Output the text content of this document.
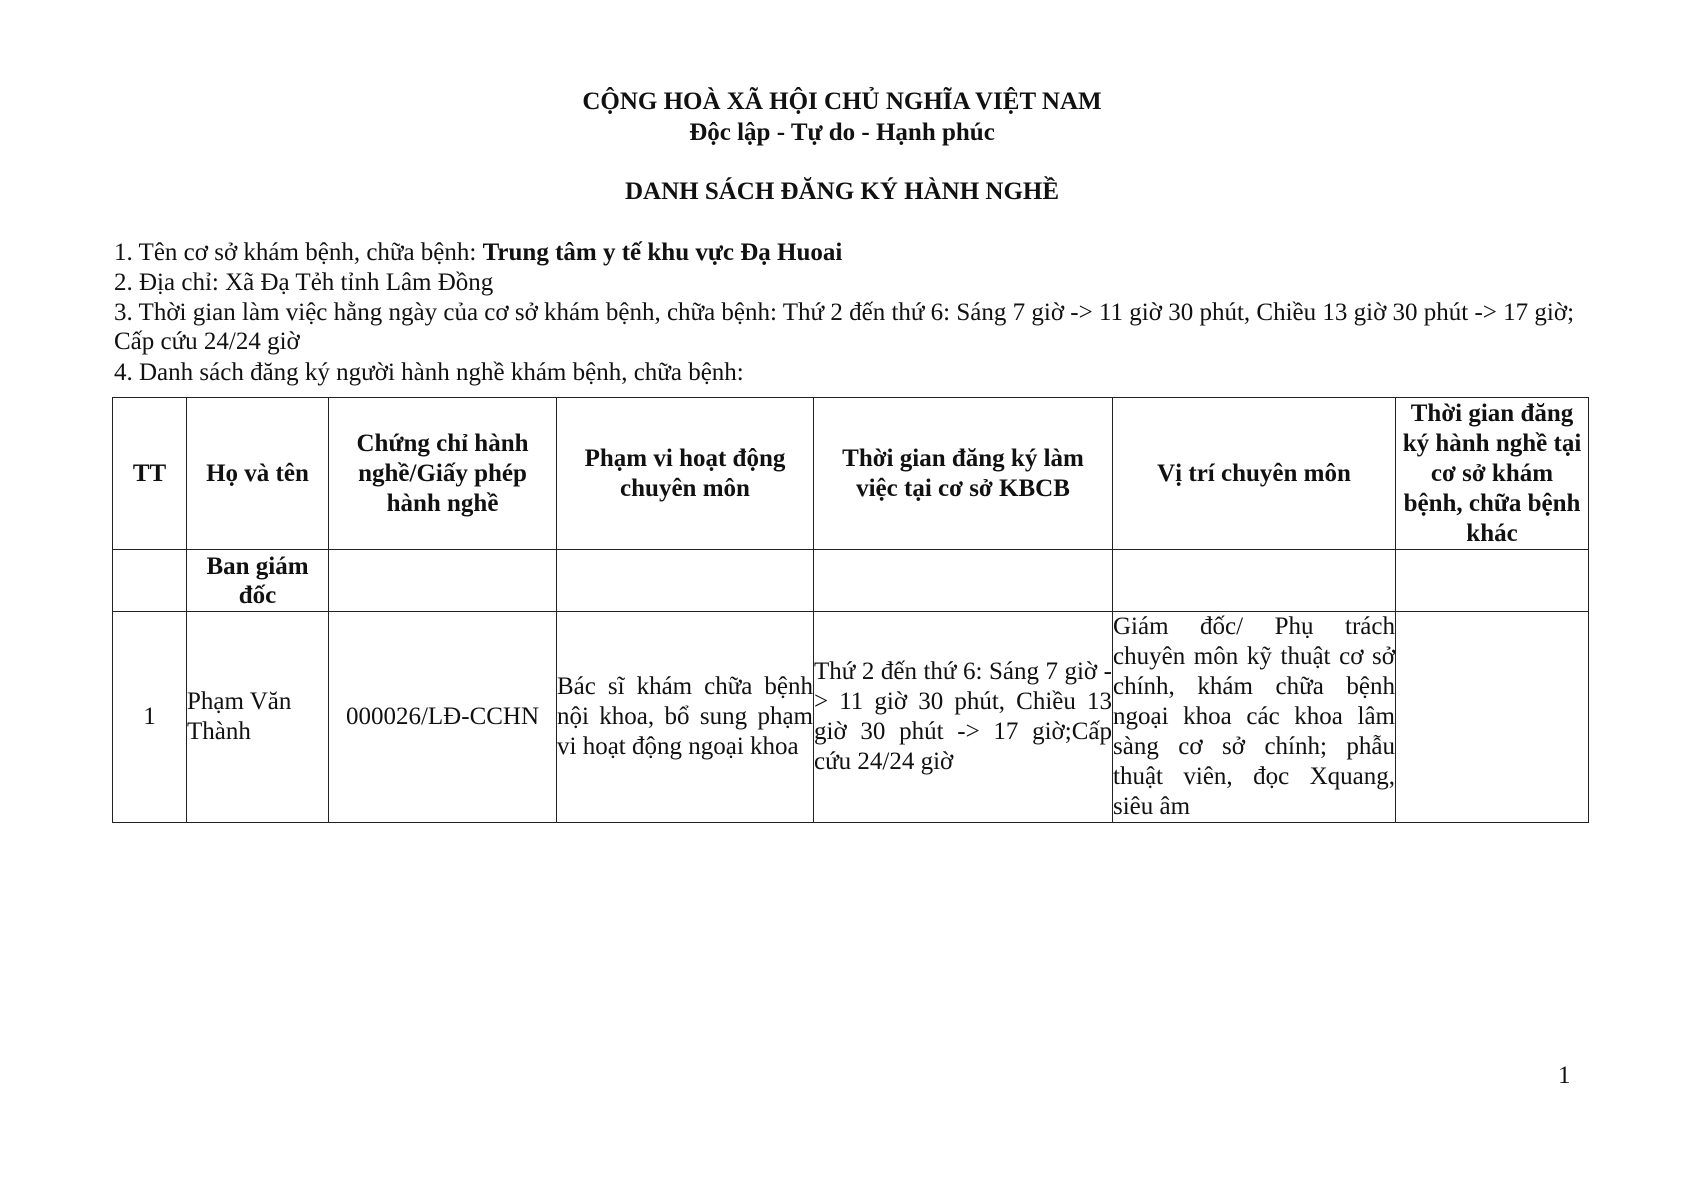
CỘNG HOÀ XÃ HỘI CHỦ NGHĨA VIỆT NAM
Độc lập - Tự do - Hạnh phúc
DANH SÁCH ĐĂNG KÝ HÀNH NGHỀ
1. Tên cơ sở khám bệnh, chữa bệnh: Trung tâm y tế khu vực Đạ Huoai
2. Địa chỉ: Xã Đạ Tẻh tỉnh Lâm Đồng
3. Thời gian làm việc hằng ngày của cơ sở khám bệnh, chữa bệnh: Thứ 2 đến thứ 6: Sáng 7 giờ -> 11 giờ 30 phút, Chiều 13 giờ 30 phút -> 17 giờ; Cấp cứu 24/24 giờ
4. Danh sách đăng ký người hành nghề khám bệnh, chữa bệnh:
TT	Họ và tên	Chứng chỉ hành nghề/Giấy phép hành nghề	Phạm vi hoạt động chuyên môn	Thời gian đăng ký làm việc tại cơ sở KBCB	Vị trí chuyên môn	Thời gian đăng ký hành nghề tại cơ sở khám bệnh, chữa bệnh khác
	Ban giám đốc					
1	Phạm Văn Thành	000026/LĐ-CCHN	Bác sĩ khám chữa bệnh nội khoa, bổ sung phạm vi hoạt động ngoại khoa	Thứ 2 đến thứ 6: Sáng 7 giờ -> 11 giờ 30 phút, Chiều 13 giờ 30 phút -> 17 giờ;Cấp cứu 24/24 giờ	Giám đốc/ Phụ trách chuyên môn kỹ thuật cơ sở chính, khám chữa bệnh ngoại khoa các khoa lâm sàng cơ sở chính; phẫu thuật viên, đọc Xquang, siêu âm	
1
